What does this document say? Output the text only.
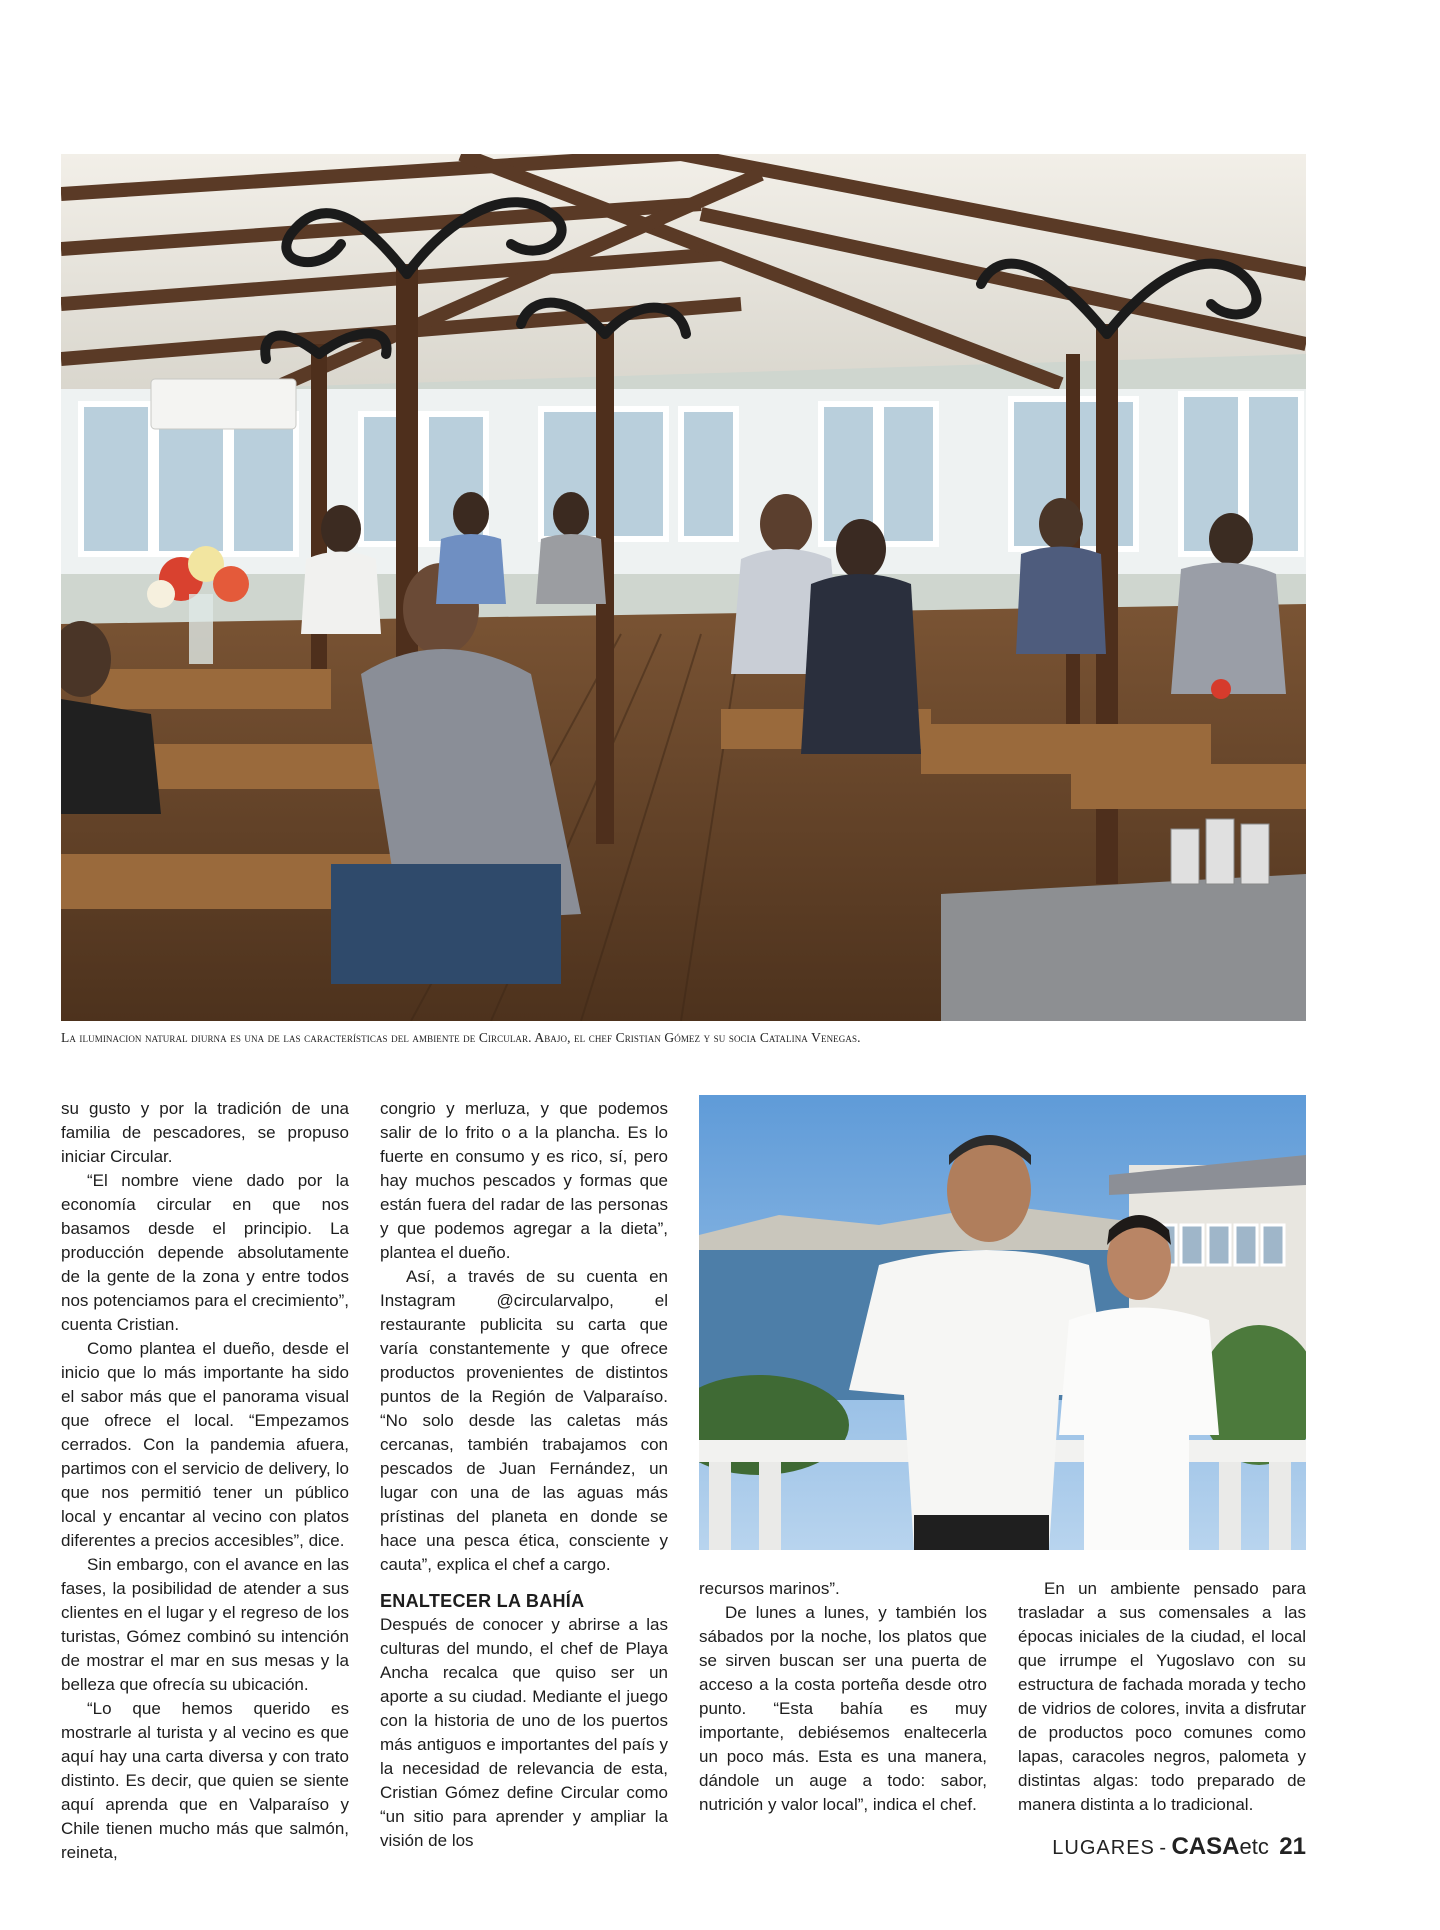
La iluminacion natural diurna es una de las características del ambiente de Circular. Abajo, el chef Cristian Gómez y su socia Catalina Venegas.

su gusto y por la tradición de una familia de pescadores, se propuso iniciar Circular.

“El nombre viene dado por la economía circular en que nos basamos desde el principio. La producción depende absolutamente de la gente de la zona y entre todos nos potenciamos para el crecimiento”, cuenta Cristian.

Como plantea el dueño, desde el inicio que lo más importante ha sido el sabor más que el panorama visual que ofrece el local. “Empezamos cerrados. Con la pandemia afuera, partimos con el servicio de delivery, lo que nos permitió tener un público local y encantar al vecino con platos diferentes a precios accesibles”, dice.

Sin embargo, con el avance en las fases, la posibilidad de atender a sus clientes en el lugar y el regreso de los turistas, Gómez combinó su intención de mostrar el mar en sus mesas y la belleza que ofrecía su ubicación.

“Lo que hemos querido es mostrarle al turista y al vecino es que aquí hay una carta diversa y con trato distinto. Es decir, que quien se siente aquí aprenda que en Valparaíso y Chile tienen mucho más que salmón, reineta,

congrio y merluza, y que podemos salir de lo frito o a la plancha. Es lo fuerte en consumo y es rico, sí, pero hay muchos pescados y formas que están fuera del radar de las personas y que podemos agregar a la dieta”, plantea el dueño.

Así, a través de su cuenta en Instagram @circularvalpo, el restaurante publicita su carta que varía constantemente y que ofrece productos provenientes de distintos puntos de la Región de Valparaíso. “No solo desde las caletas más cercanas, también trabajamos con pescados de Juan Fernández, un lugar con una de las aguas más prístinas del planeta en donde se hace una pesca ética, consciente y cauta”, explica el chef a cargo.

ENALTECER LA BAHÍA

Después de conocer y abrirse a las culturas del mundo, el chef de Playa Ancha recalca que quiso ser un aporte a su ciudad. Mediante el juego con la historia de uno de los puertos más antiguos e importantes del país y la necesidad de relevancia de esta, Cristian Gómez define Circular como “un sitio para aprender y ampliar la visión de los

recursos marinos”.

De lunes a lunes, y también los sábados por la noche, los platos que se sirven buscan ser una puerta de acceso a la costa porteña desde otro punto. “Esta bahía es muy importante, debiésemos enaltecerla un poco más. Esta es una manera, dándole un auge a todo: sabor, nutrición y valor local”, indica el chef.

En un ambiente pensado para trasladar a sus comensales a las épocas iniciales de la ciudad, el local que irrumpe el Yugoslavo con su estructura de fachada morada y techo de vidrios de colores, invita a disfrutar de productos poco comunes como lapas, caracoles negros, palometa y distintas algas: todo preparado de manera distinta a lo tradicional.

LUGARES - CASAetc 21
